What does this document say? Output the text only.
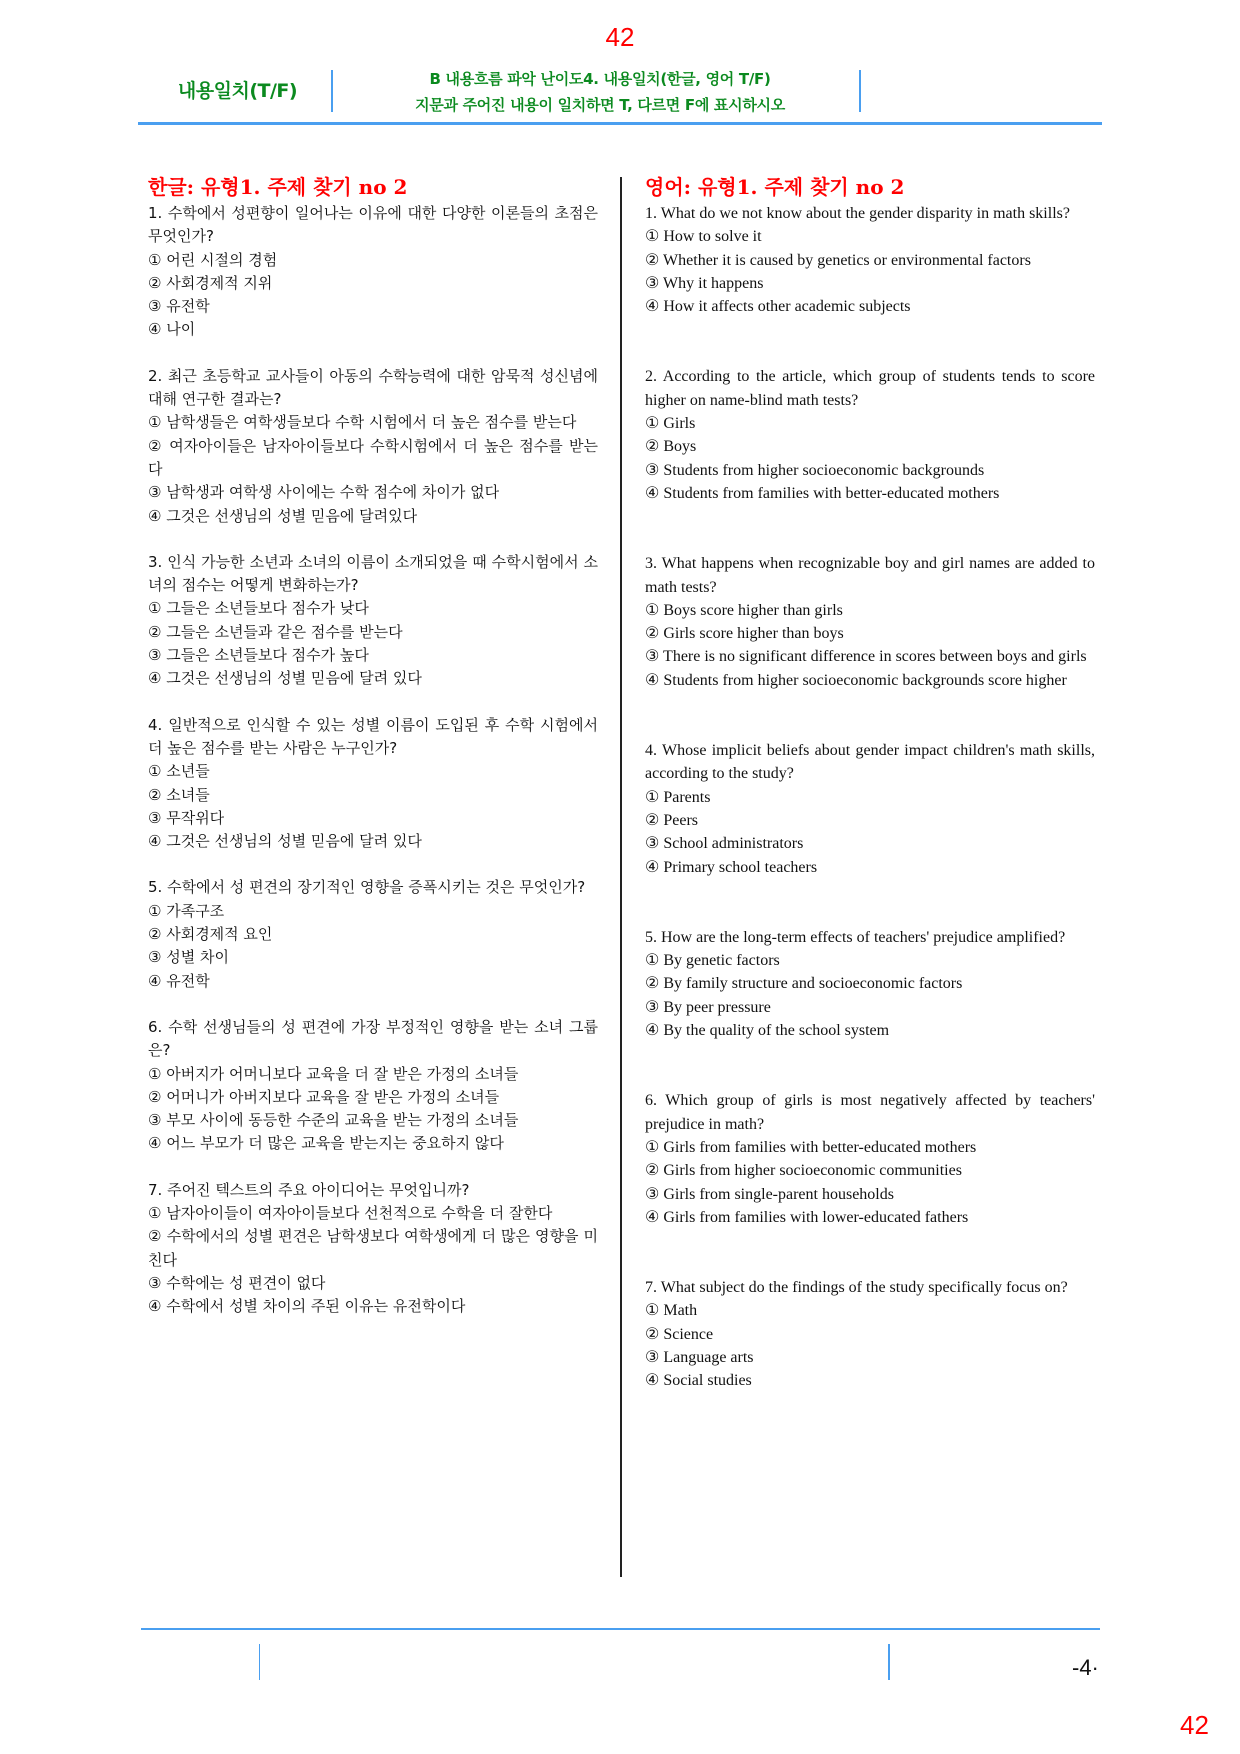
42
내용일치(T/F)
B 내용흐름 파악 난이도4. 내용일치(한글, 영어 T/F)
지문과 주어진 내용이 일치하면 T, 다르면 F에 표시하시오
한글: 유형1. 주제 찾기 no 2
1. 수학에서 성편향이 일어나는 이유에 대한 다양한 이론들의 초점은 무엇인가?
① 어린 시절의 경험
② 사회경제적 지위
③ 유전학
④ 나이
2. 최근 초등학교 교사들이 아동의 수학능력에 대한 암묵적 성신념에 대해 연구한 결과는?
① 남학생들은 여학생들보다 수학 시험에서 더 높은 점수를 받는다
② 여자아이들은 남자아이들보다 수학시험에서 더 높은 점수를 받는다
③ 남학생과 여학생 사이에는 수학 점수에 차이가 없다
④ 그것은 선생님의 성별 믿음에 달려있다
3. 인식 가능한 소년과 소녀의 이름이 소개되었을 때 수학시험에서 소녀의 점수는 어떻게 변화하는가?
① 그들은 소년들보다 점수가 낮다
② 그들은 소년들과 같은 점수를 받는다
③ 그들은 소년들보다 점수가 높다
④ 그것은 선생님의 성별 믿음에 달려 있다
4. 일반적으로 인식할 수 있는 성별 이름이 도입된 후 수학 시험에서 더 높은 점수를 받는 사람은 누구인가?
① 소년들
② 소녀들
③ 무작위다
④ 그것은 선생님의 성별 믿음에 달려 있다
5. 수학에서 성 편견의 장기적인 영향을 증폭시키는 것은 무엇인가?
① 가족구조
② 사회경제적 요인
③ 성별 차이
④ 유전학
6. 수학 선생님들의 성 편견에 가장 부정적인 영향을 받는 소녀 그룹은?
① 아버지가 어머니보다 교육을 더 잘 받은 가정의 소녀들
② 어머니가 아버지보다 교육을 잘 받은 가정의 소녀들
③ 부모 사이에 동등한 수준의 교육을 받는 가정의 소녀들
④ 어느 부모가 더 많은 교육을 받는지는 중요하지 않다
7. 주어진 텍스트의 주요 아이디어는 무엇입니까?
① 남자아이들이 여자아이들보다 선천적으로 수학을 더 잘한다
② 수학에서의 성별 편견은 남학생보다 여학생에게 더 많은 영향을 미친다
③ 수학에는 성 편견이 없다
④ 수학에서 성별 차이의 주된 이유는 유전학이다
영어: 유형1. 주제 찾기 no 2
1. What do we not know about the gender disparity in math skills?
① How to solve it
② Whether it is caused by genetics or environmental factors
③ Why it happens
④ How it affects other academic subjects
2. According to the article, which group of students tends to score higher on name-blind math tests?
① Girls
② Boys
③ Students from higher socioeconomic backgrounds
④ Students from families with better-educated mothers
3. What happens when recognizable boy and girl names are added to math tests?
① Boys score higher than girls
② Girls score higher than boys
③ There is no significant difference in scores between boys and girls
④ Students from higher socioeconomic backgrounds score higher
4. Whose implicit beliefs about gender impact children's math skills, according to the study?
① Parents
② Peers
③ School administrators
④ Primary school teachers
5. How are the long-term effects of teachers' prejudice amplified?
① By genetic factors
② By family structure and socioeconomic factors
③ By peer pressure
④ By the quality of the school system
6. Which group of girls is most negatively affected by teachers' prejudice in math?
① Girls from families with better-educated mothers
② Girls from higher socioeconomic communities
③ Girls from single-parent households
④ Girls from families with lower-educated fathers
7. What subject do the findings of the study specifically focus on?
① Math
② Science
③ Language arts
④ Social studies
-4·
42
